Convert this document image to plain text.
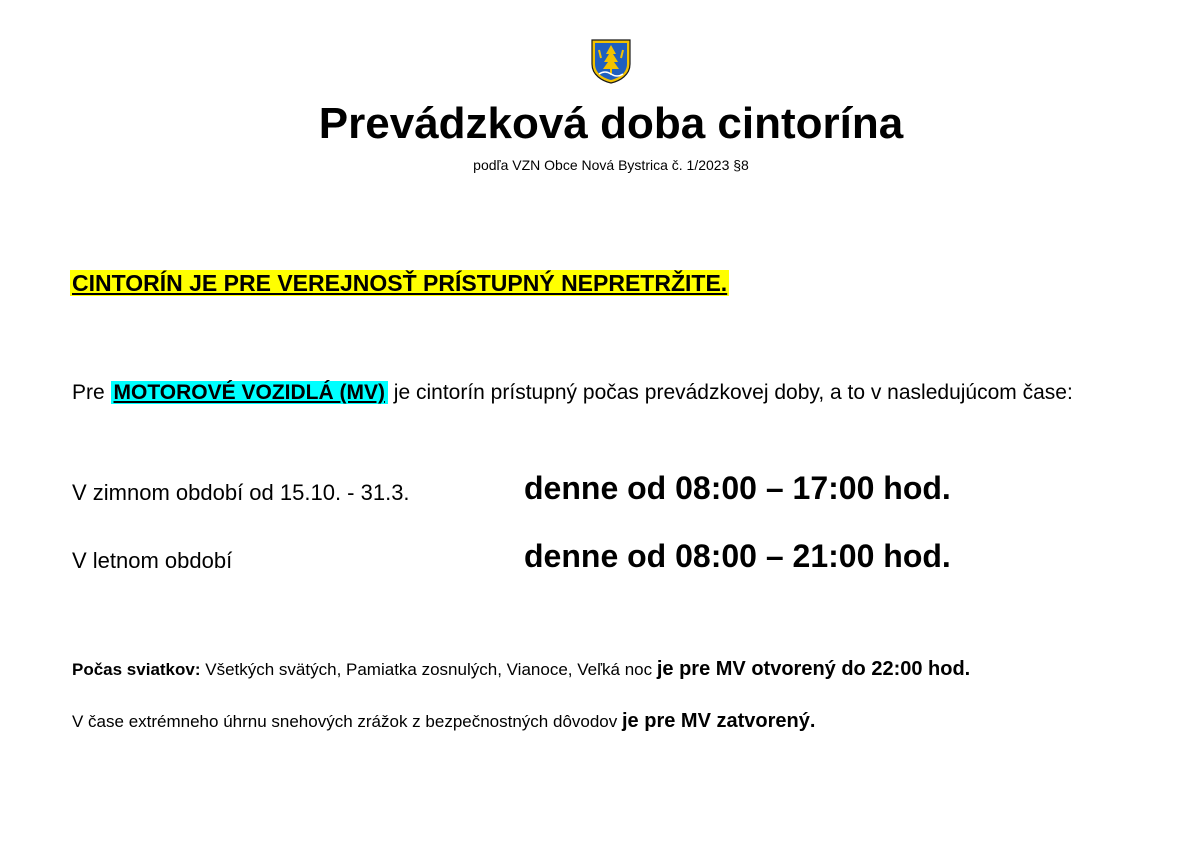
Prevádzková doba cintorína
podľa VZN Obce Nová Bystrica č. 1/2023 §8
CINTORÍN JE PRE VEREJNOSŤ PRÍSTUPNÝ NEPRETRŽITE.
Pre MOTOROVÉ VOZIDLÁ (MV) je cintorín prístupný počas prevádzkovej doby, a to v nasledujúcom čase:
V zimnom období od 15.10. - 31.3.	denne od 08:00 – 17:00 hod.
V letnom období	denne od 08:00 – 21:00 hod.
Počas sviatkov: Všetkých svätých, Pamiatka zosnulých, Vianoce, Veľká noc je pre MV otvorený do 22:00 hod.
V čase extrémneho úhrnu snehových zrážok z bezpečnostných dôvodov je pre MV zatvorený.
